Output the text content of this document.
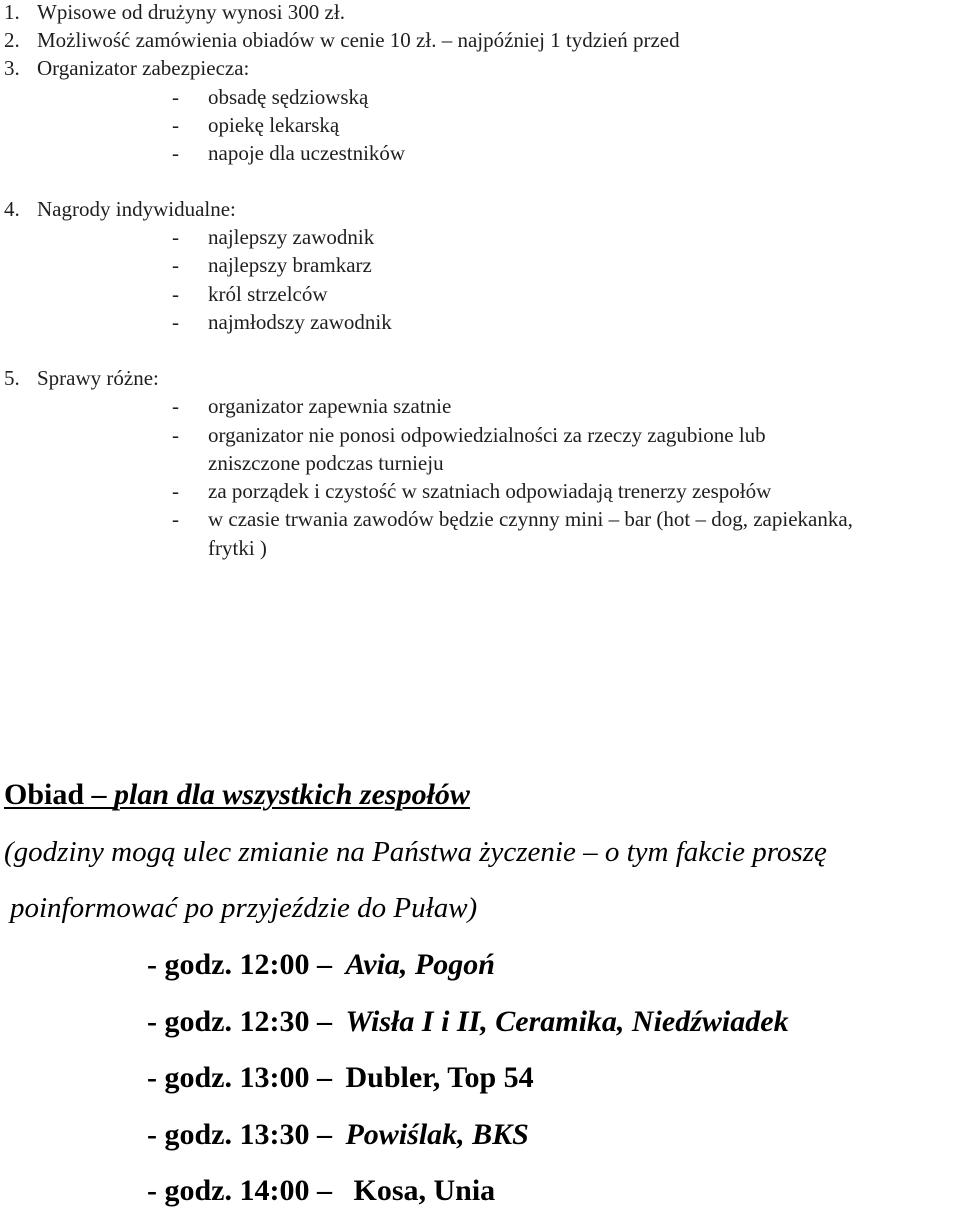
1. Wpisowe od drużyny wynosi 300 zł.
2. Możliwość zamówienia obiadów w cenie 10 zł. – najpóźniej 1 tydzień przed
3. Organizator zabezpiecza:
- obsadę sędziowską
- opiekę lekarską
- napoje dla uczestników
4. Nagrody indywidualne:
- najlepszy zawodnik
- najlepszy bramkarz
- król strzelców
- najmłodszy zawodnik
5. Sprawy różne:
- organizator zapewnia szatnie
- organizator nie ponosi odpowiedzialności za rzeczy zagubione lub
zniszczone podczas turnieju
- za porządek i czystość w szatniach odpowiadają trenerzy zespołów
- w czasie trwania zawodów będzie czynny mini – bar (hot – dog, zapiekanka,
frytki )
Obiad – plan dla wszystkich zespołów
(godziny mogą ulec zmianie na Państwa życzenie – o tym fakcie proszę
poinformować po przyjeździe do Puław)
- godz. 12:00 – Avia, Pogoń
- godz. 12:30 – Wisła I i II, Ceramika, Niedźwiadek
- godz. 13:00 – Dubler, Top 54
- godz. 13:30 – Powiślak, BKS
- godz. 14:00 – Kosa, Unia
